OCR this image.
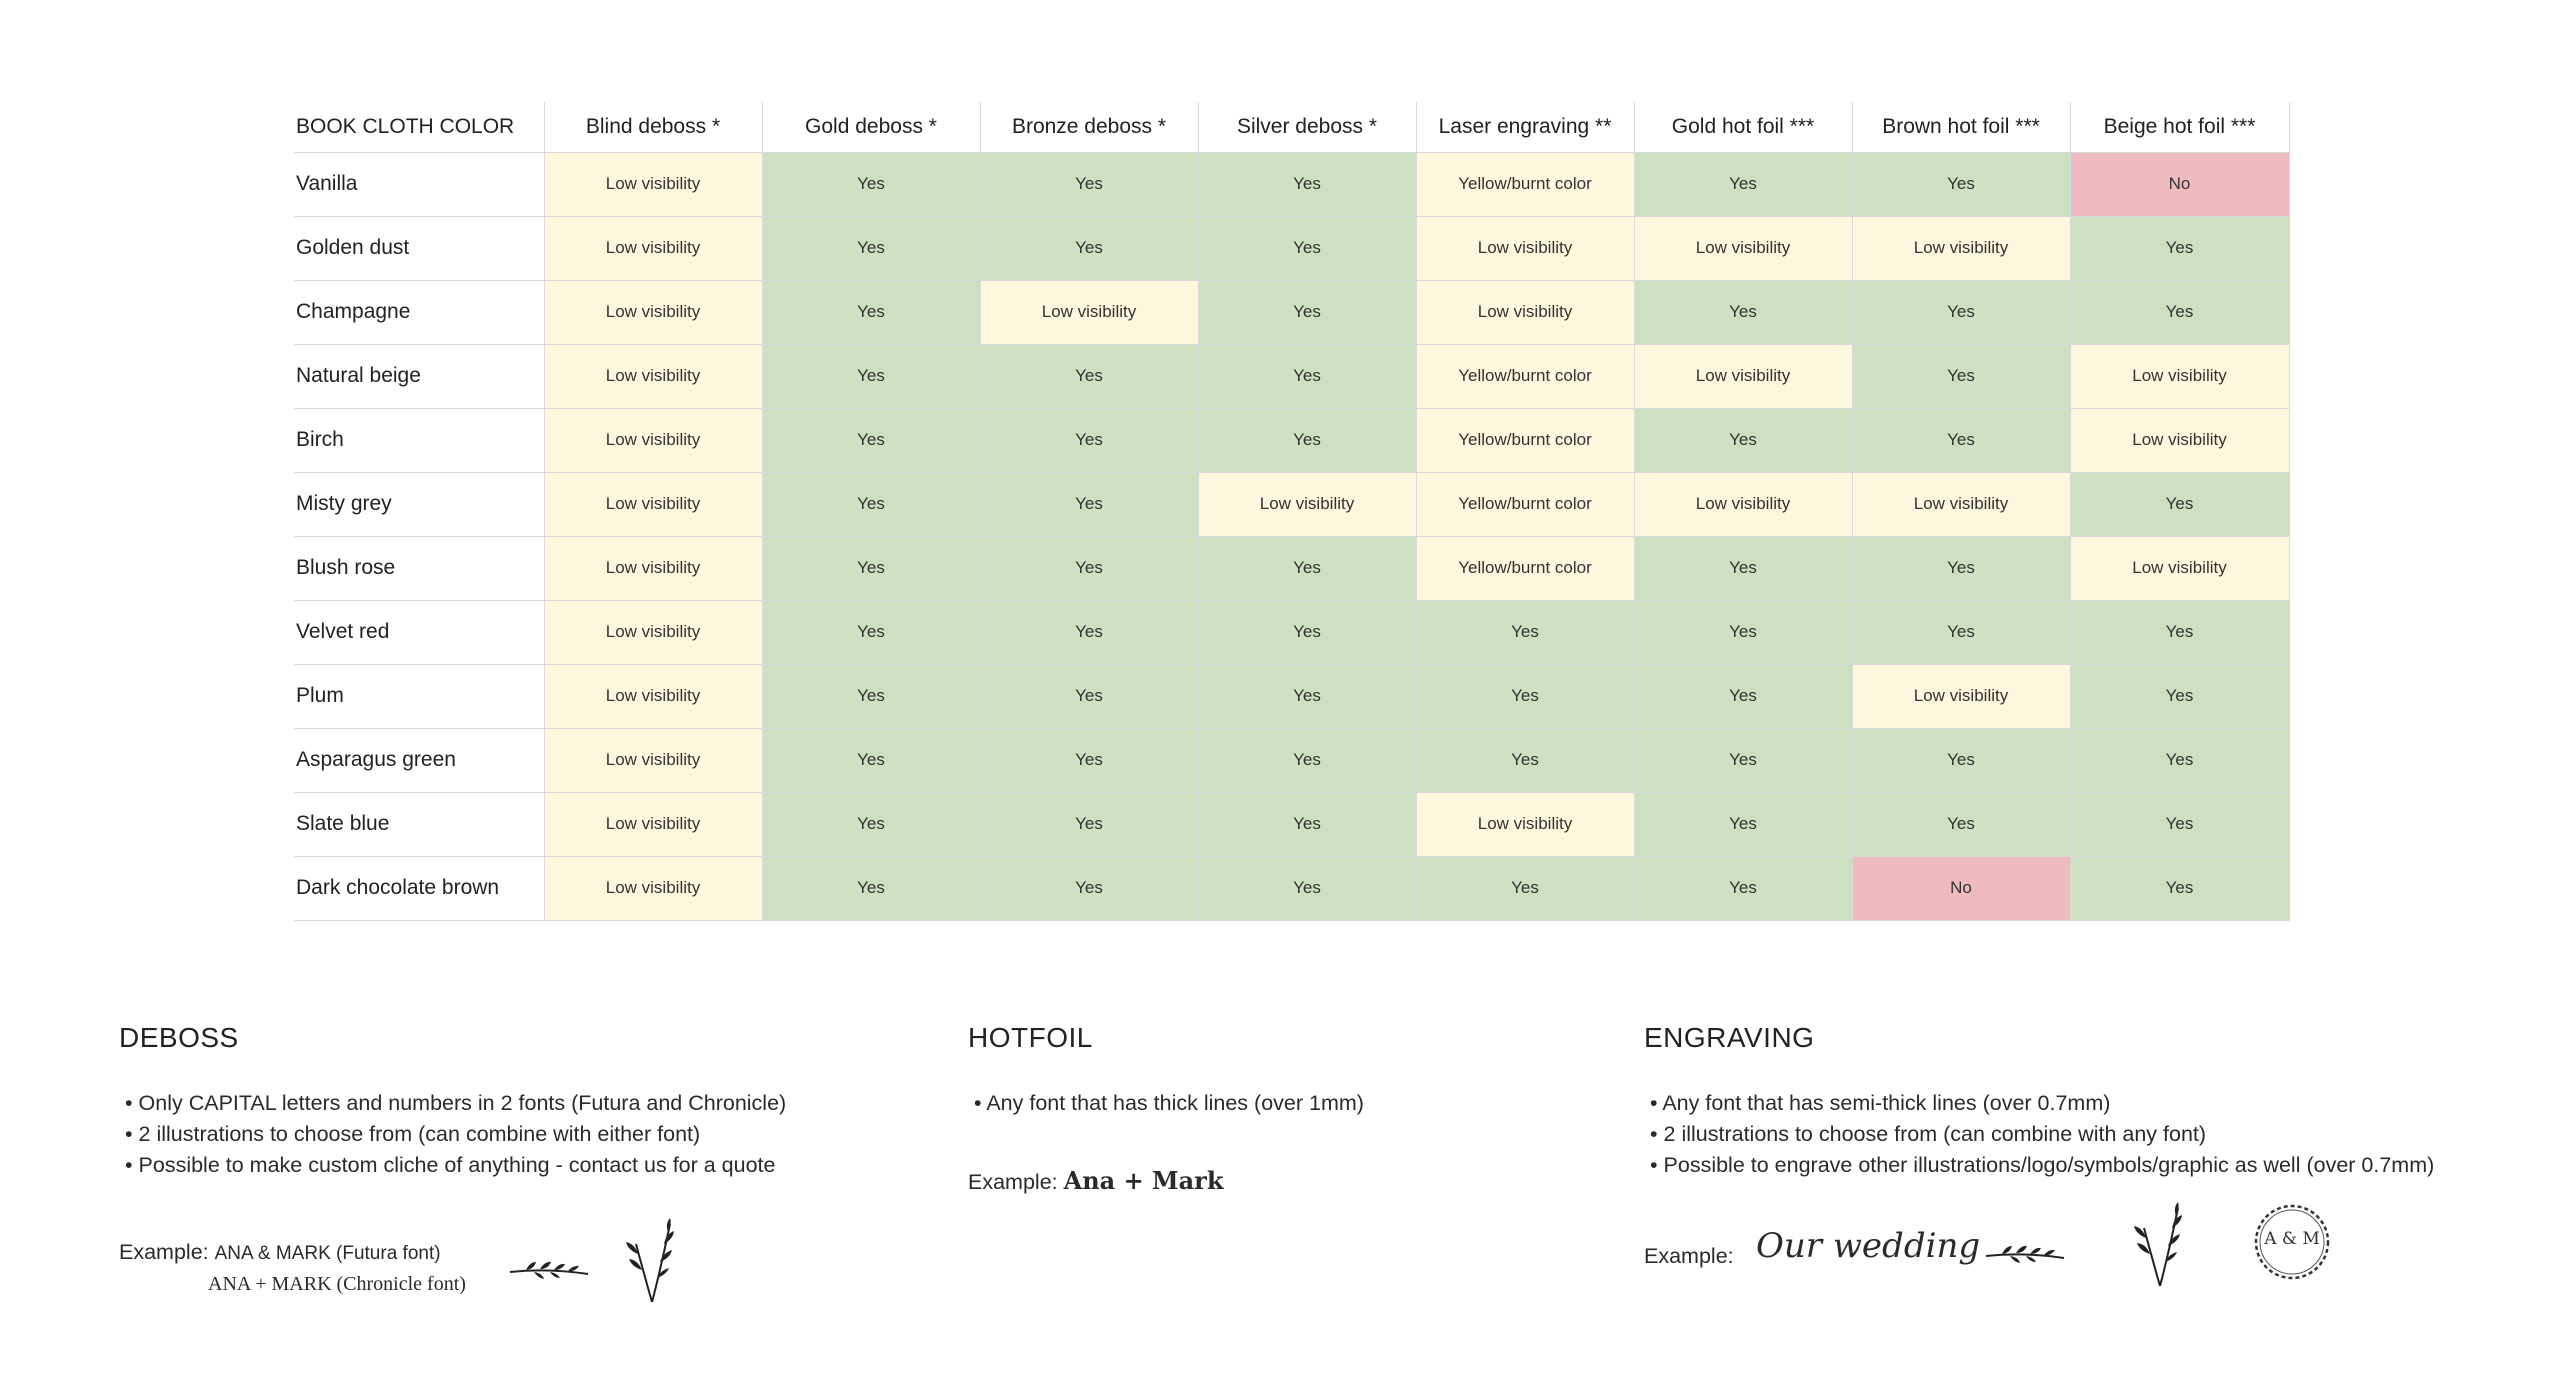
BOOK CLOTH COLOR	Blind deboss *	Gold deboss *	Bronze deboss *	Silver deboss *	Laser engraving **	Gold hot foil ***	Brown hot foil ***	Beige hot foil ***
Vanilla	Low visibility	Yes	Yes	Yes	Yellow/burnt color	Yes	Yes	No
Golden dust	Low visibility	Yes	Yes	Yes	Low visibility	Low visibility	Low visibility	Yes
Champagne	Low visibility	Yes	Low visibility	Yes	Low visibility	Yes	Yes	Yes
Natural beige	Low visibility	Yes	Yes	Yes	Yellow/burnt color	Low visibility	Yes	Low visibility
Birch	Low visibility	Yes	Yes	Yes	Yellow/burnt color	Yes	Yes	Low visibility
Misty grey	Low visibility	Yes	Yes	Low visibility	Yellow/burnt color	Low visibility	Low visibility	Yes
Blush rose	Low visibility	Yes	Yes	Yes	Yellow/burnt color	Yes	Yes	Low visibility
Velvet red	Low visibility	Yes	Yes	Yes	Yes	Yes	Yes	Yes
Plum	Low visibility	Yes	Yes	Yes	Yes	Yes	Low visibility	Yes
Asparagus green	Low visibility	Yes	Yes	Yes	Yes	Yes	Yes	Yes
Slate blue	Low visibility	Yes	Yes	Yes	Low visibility	Yes	Yes	Yes
Dark chocolate brown	Low visibility	Yes	Yes	Yes	Yes	Yes	No	Yes
DEBOSS
• Only CAPITAL letters and numbers in 2 fonts (Futura and Chronicle)
• 2 illustrations to choose from (can combine with either font)
• Possible to make custom cliche of anything - contact us for a quote
Example: ANA & MARK (Futura font)
ANA + MARK (Chronicle font)
HOTFOIL
• Any font that has thick lines (over 1mm)
Example: Ana + Mark
ENGRAVING
• Any font that has semi-thick lines (over 0.7mm)
• 2 illustrations to choose from (can combine with any font)
• Possible to engrave other illustrations/logo/symbols/graphic as well (over 0.7mm)
Example: Our wedding	A & M
